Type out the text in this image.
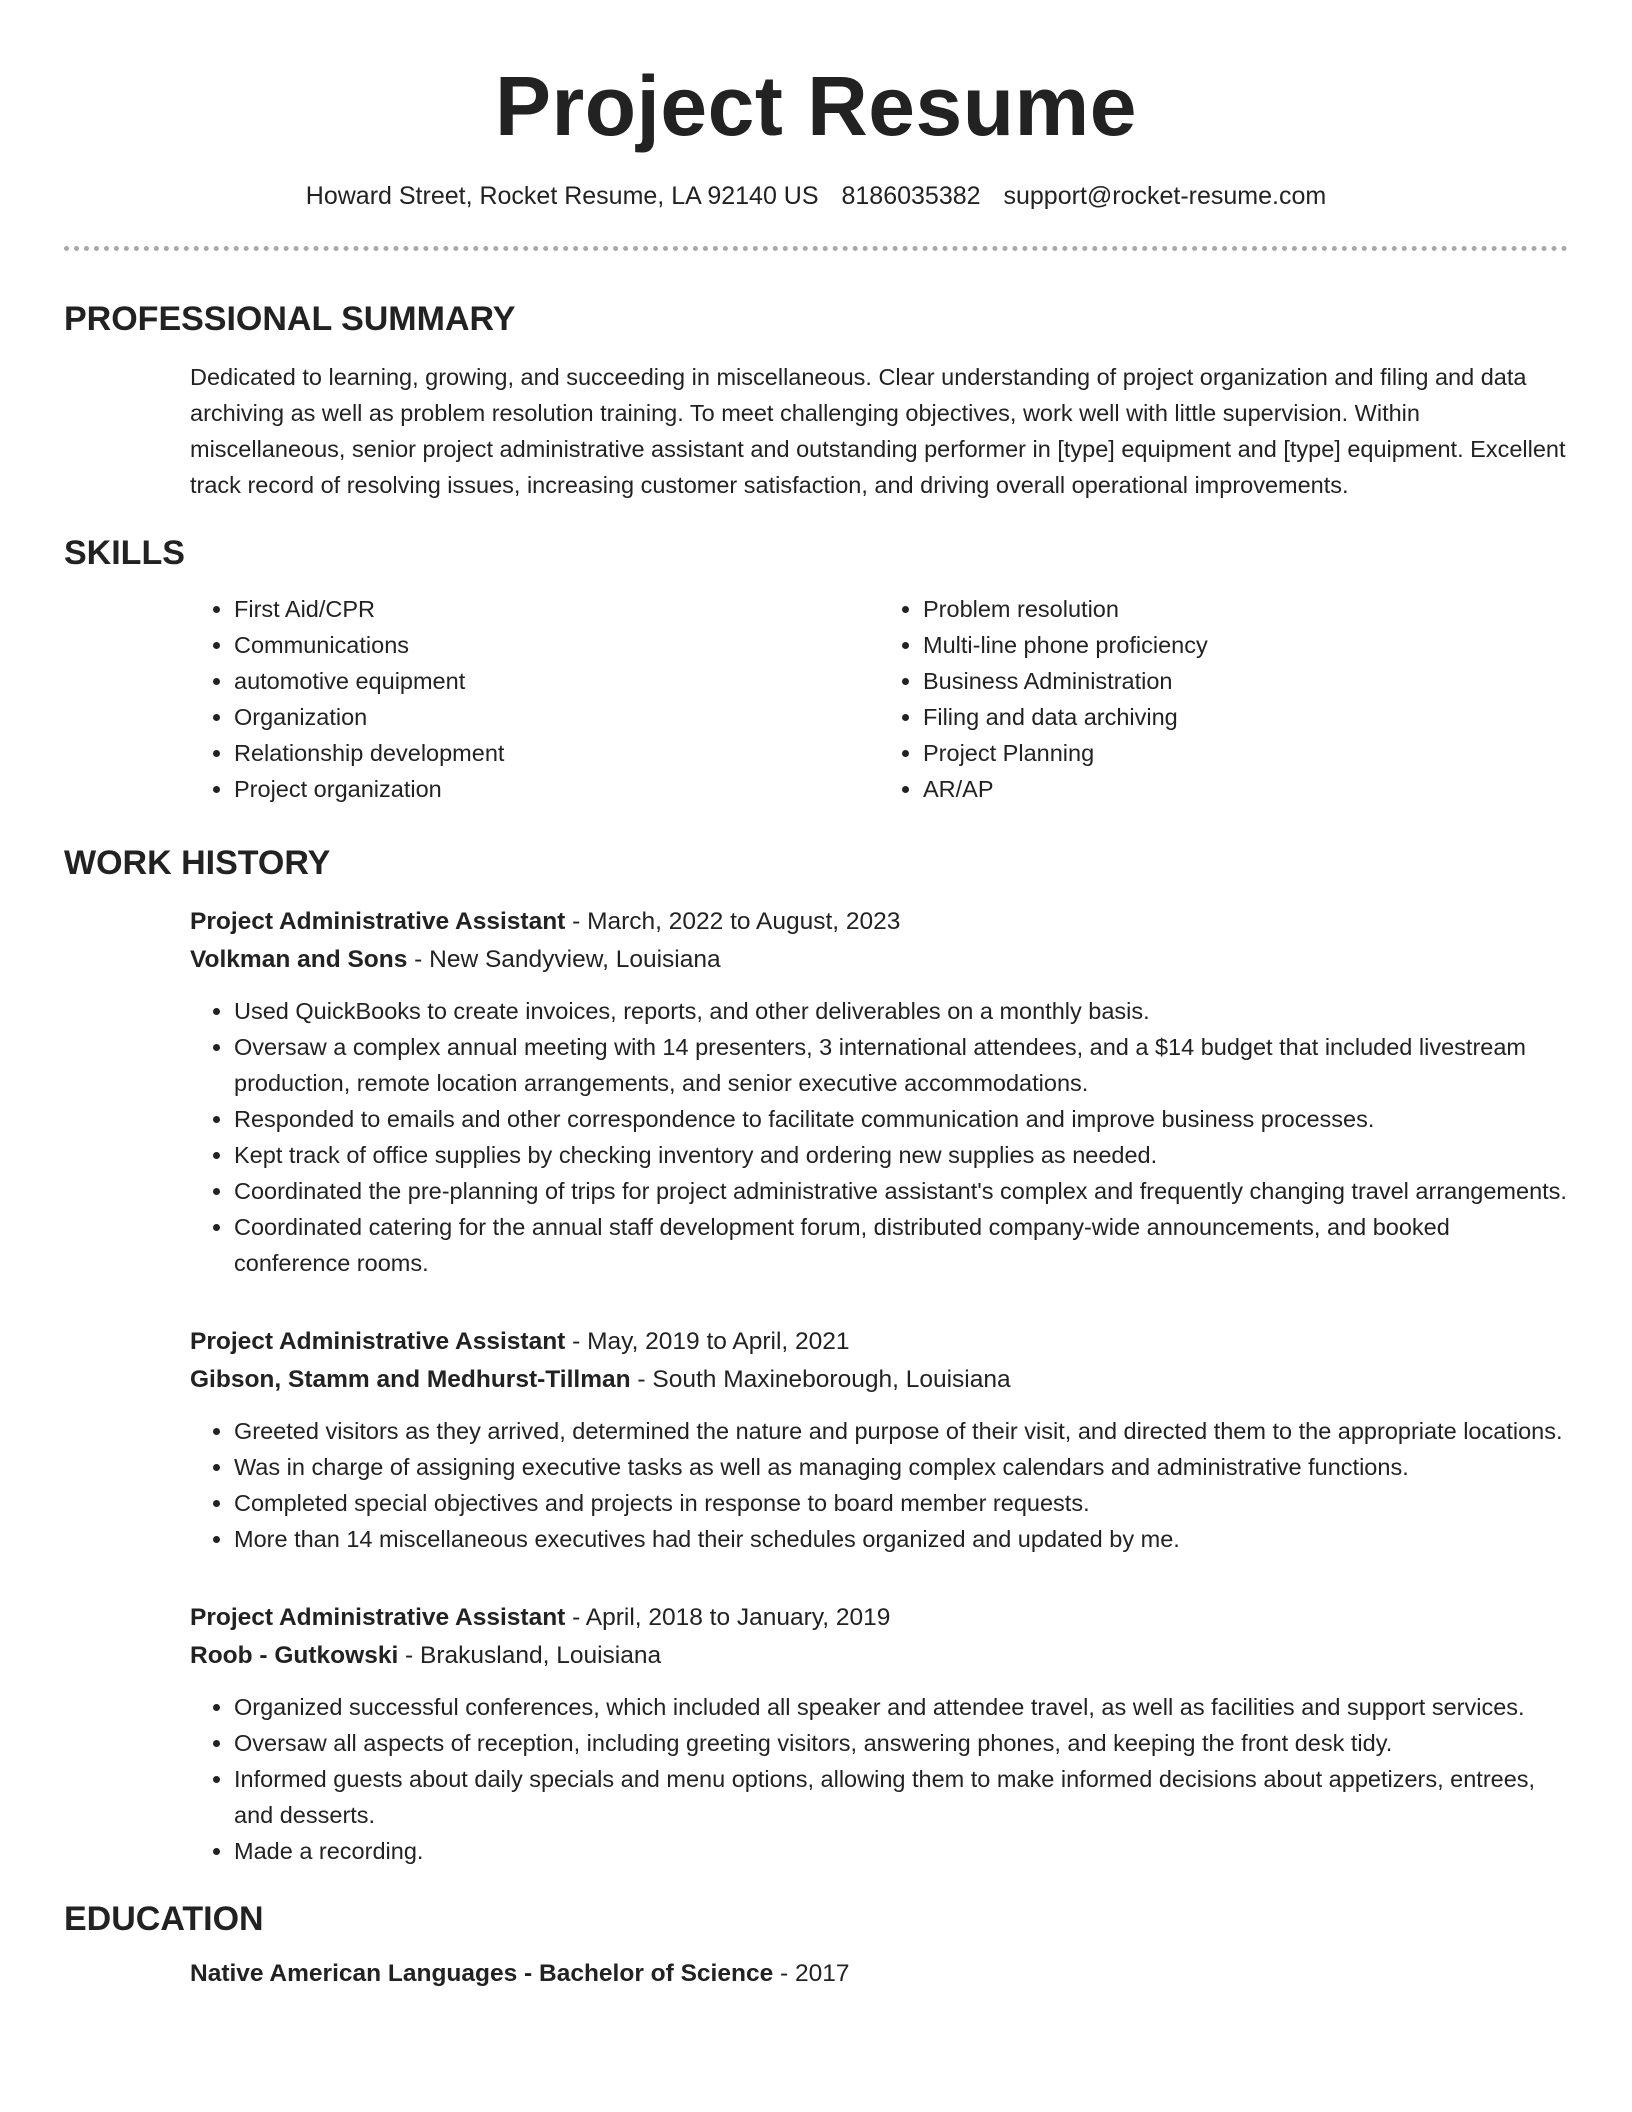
Project Resume
Howard Street, Rocket Resume, LA 92140 US 8186035382 support@rocket-resume.com
PROFESSIONAL SUMMARY

Dedicated to learning, growing, and succeeding in miscellaneous. Clear understanding of project organization and filing and data archiving as well as problem resolution training. To meet challenging objectives, work well with little supervision. Within miscellaneous, senior project administrative assistant and outstanding performer in [type] equipment and [type] equipment. Excellent track record of resolving issues, increasing customer satisfaction, and driving overall operational improvements.

SKILLS
• First Aid/CPR
• Communications
• automotive equipment
• Organization
• Relationship development
• Project organization
• Problem resolution
• Multi-line phone proficiency
• Business Administration
• Filing and data archiving
• Project Planning
• AR/AP
WORK HISTORY
Project Administrative Assistant - March, 2022 to August, 2023
Volkman and Sons - New Sandyview, Louisiana
• Used QuickBooks to create invoices, reports, and other deliverables on a monthly basis.
• Oversaw a complex annual meeting with 14 presenters, 3 international attendees, and a $14 budget that included livestream production, remote location arrangements, and senior executive accommodations.
• Responded to emails and other correspondence to facilitate communication and improve business processes.
• Kept track of office supplies by checking inventory and ordering new supplies as needed.
• Coordinated the pre-planning of trips for project administrative assistant's complex and frequently changing travel arrangements.
• Coordinated catering for the annual staff development forum, distributed company-wide announcements, and booked conference rooms.
Project Administrative Assistant - May, 2019 to April, 2021
Gibson, Stamm and Medhurst-Tillman - South Maxineborough, Louisiana
• Greeted visitors as they arrived, determined the nature and purpose of their visit, and directed them to the appropriate locations.
• Was in charge of assigning executive tasks as well as managing complex calendars and administrative functions.
• Completed special objectives and projects in response to board member requests.
• More than 14 miscellaneous executives had their schedules organized and updated by me.
Project Administrative Assistant - April, 2018 to January, 2019
Roob - Gutkowski - Brakusland, Louisiana
• Organized successful conferences, which included all speaker and attendee travel, as well as facilities and support services.
• Oversaw all aspects of reception, including greeting visitors, answering phones, and keeping the front desk tidy.
• Informed guests about daily specials and menu options, allowing them to make informed decisions about appetizers, entrees, and desserts.
• Made a recording.
EDUCATION
Native American Languages - Bachelor of Science - 2017
